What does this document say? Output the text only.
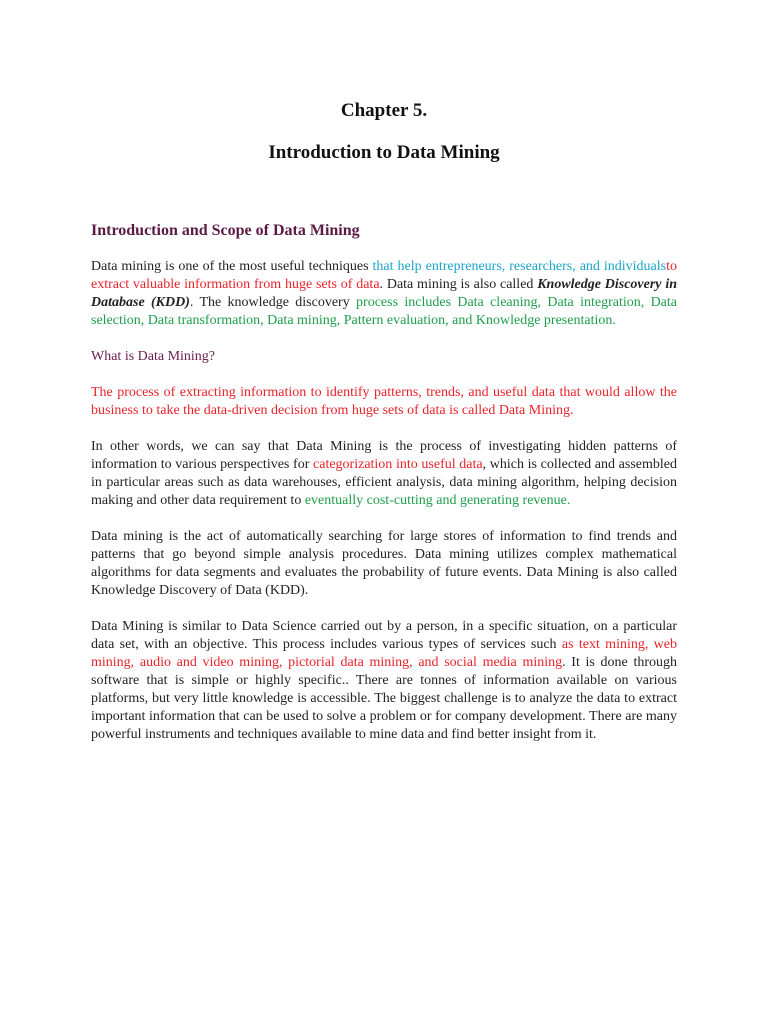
Chapter 5.
Introduction to Data Mining
Introduction and Scope of Data Mining

Data mining is one of the most useful techniques that help entrepreneurs, researchers, and individualsto extract valuable information from huge sets of data. Data mining is also called Knowledge Discovery in Database (KDD). The knowledge discovery process includes Data cleaning, Data integration, Data selection, Data transformation, Data mining, Pattern evaluation, and Knowledge presentation.

What is Data Mining?

The process of extracting information to identify patterns, trends, and useful data that would allow the business to take the data-driven decision from huge sets of data is called Data Mining.

In other words, we can say that Data Mining is the process of investigating hidden patterns of information to various perspectives for categorization into useful data, which is collected and assembled in particular areas such as data warehouses, efficient analysis, data mining algorithm, helping decision making and other data requirement to eventually cost-cutting and generating revenue.

Data mining is the act of automatically searching for large stores of information to find trends and patterns that go beyond simple analysis procedures. Data mining utilizes complex mathematical algorithms for data segments and evaluates the probability of future events. Data Mining is also called Knowledge Discovery of Data (KDD).

Data Mining is similar to Data Science carried out by a person, in a specific situation, on a particular data set, with an objective. This process includes various types of services such as text mining, web mining, audio and video mining, pictorial data mining, and social media mining. It is done through software that is simple or highly specific.. There are tonnes of information available on various platforms, but very little knowledge is accessible. The biggest challenge is to analyze the data to extract important information that can be used to solve a problem or for company development. There are many powerful instruments and techniques available to mine data and find better insight from it.
